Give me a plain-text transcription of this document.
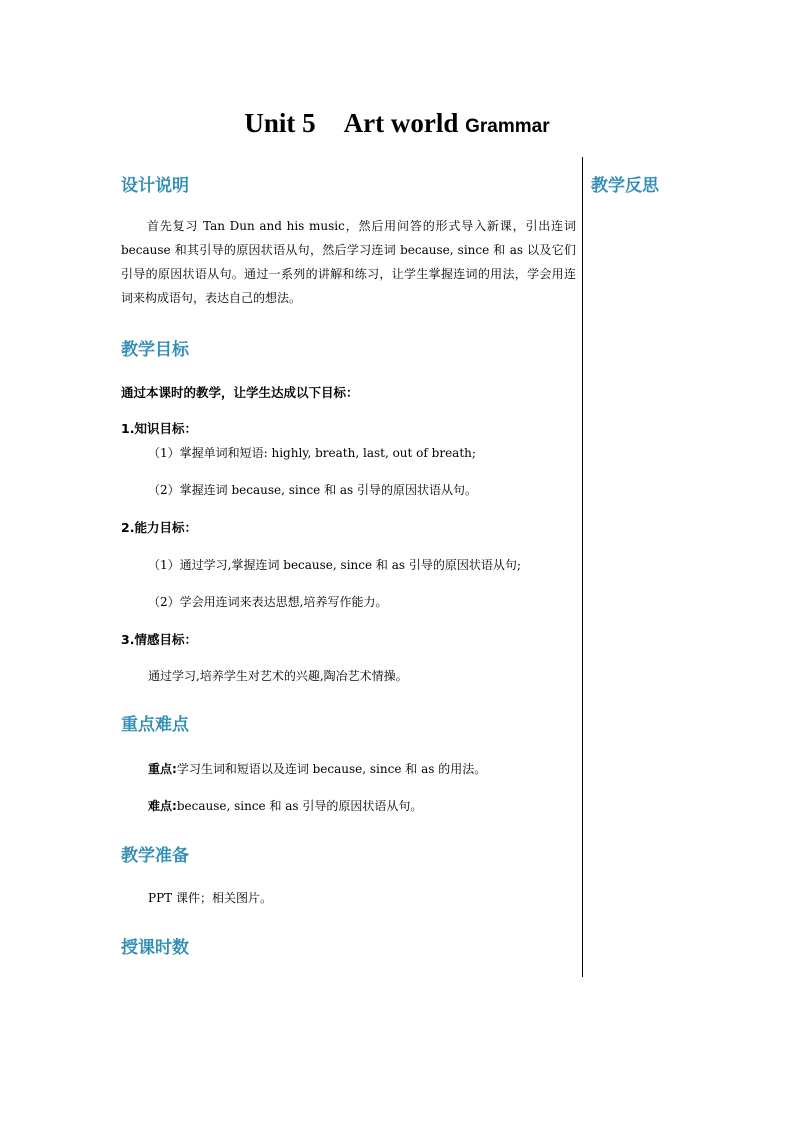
Unit 5 Art world Grammar
设计说明	教学反思

首先复习 Tan Dun and his music，然后用问答的形式导入新课，引出连词 because 和其引导的原因状语从句，然后学习连词 because, since 和 as 以及它们引导的原因状语从句。通过一系列的讲解和练习，让学生掌握连词的用法，学会用连词来构成语句，表达自己的想法。

教学目标

通过本课时的教学，让学生达成以下目标：

1.知识目标：

（1）掌握单词和短语: highly, breath, last, out of breath;

（2）掌握连词 because, since 和 as 引导的原因状语从句。

2.能力目标：

（1）通过学习,掌握连词 because, since 和 as 引导的原因状语从句;

（2）学会用连词来表达思想,培养写作能力。

3.情感目标：

通过学习,培养学生对艺术的兴趣,陶冶艺术情操。

重点难点

重点:学习生词和短语以及连词 because, since 和 as 的用法。

难点:because, since 和 as 引导的原因状语从句。

教学准备

PPT 课件；相关图片。

授课时数
